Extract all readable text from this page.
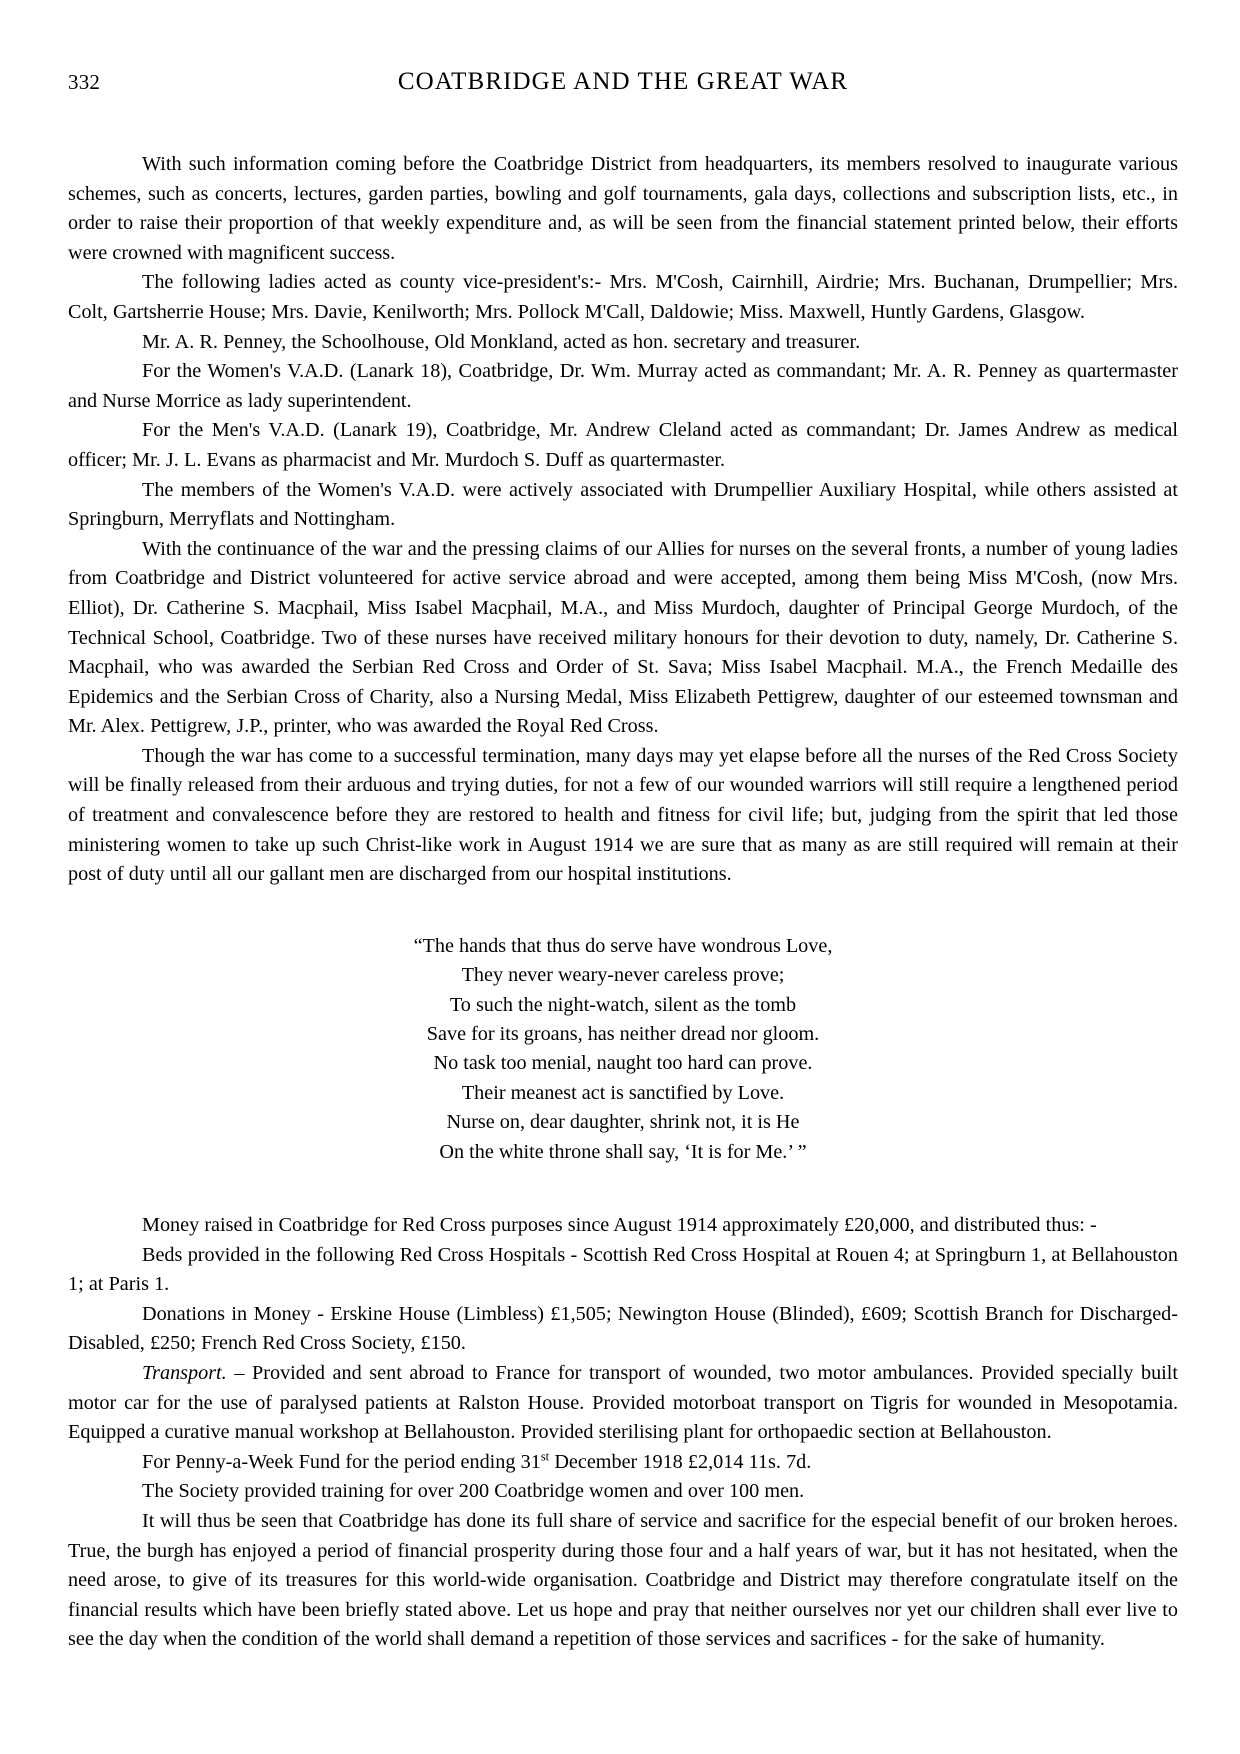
332	COATBRIDGE AND THE GREAT WAR

With such information coming before the Coatbridge District from headquarters, its members resolved to inaugurate various schemes, such as concerts, lectures, garden parties, bowling and golf tournaments, gala days, collections and subscription lists, etc., in order to raise their proportion of that weekly expenditure and, as will be seen from the financial statement printed below, their efforts were crowned with magnificent success.

The following ladies acted as county vice-president's:- Mrs. M'Cosh, Cairnhill, Airdrie; Mrs. Buchanan, Drumpellier; Mrs. Colt, Gartsherrie House; Mrs. Davie, Kenilworth; Mrs. Pollock M'Call, Daldowie; Miss. Maxwell, Huntly Gardens, Glasgow.

Mr. A. R. Penney, the Schoolhouse, Old Monkland, acted as hon. secretary and treasurer.

For the Women's V.A.D. (Lanark 18), Coatbridge, Dr. Wm. Murray acted as commandant; Mr. A. R. Penney as quartermaster and Nurse Morrice as lady superintendent.

For the Men's V.A.D. (Lanark 19), Coatbridge, Mr. Andrew Cleland acted as commandant; Dr. James Andrew as medical officer; Mr. J. L. Evans as pharmacist and Mr. Murdoch S. Duff as quartermaster.

The members of the Women's V.A.D. were actively associated with Drumpellier Auxiliary Hospital, while others assisted at Springburn, Merryflats and Nottingham.

With the continuance of the war and the pressing claims of our Allies for nurses on the several fronts, a number of young ladies from Coatbridge and District volunteered for active service abroad and were accepted, among them being Miss M'Cosh, (now Mrs. Elliot), Dr. Catherine S. Macphail, Miss Isabel Macphail, M.A., and Miss Murdoch, daughter of Principal George Murdoch, of the Technical School, Coatbridge. Two of these nurses have received military honours for their devotion to duty, namely, Dr. Catherine S. Macphail, who was awarded the Serbian Red Cross and Order of St. Sava; Miss Isabel Macphail. M.A., the French Medaille des Epidemics and the Serbian Cross of Charity, also a Nursing Medal, Miss Elizabeth Pettigrew, daughter of our esteemed townsman and Mr. Alex. Pettigrew, J.P., printer, who was awarded the Royal Red Cross.

Though the war has come to a successful termination, many days may yet elapse before all the nurses of the Red Cross Society will be finally released from their arduous and trying duties, for not a few of our wounded warriors will still require a lengthened period of treatment and convalescence before they are restored to health and fitness for civil life; but, judging from the spirit that led those ministering women to take up such Christ-like work in August 1914 we are sure that as many as are still required will remain at their post of duty until all our gallant men are discharged from our hospital institutions.

“The hands that thus do serve have wondrous Love,
They never weary-never careless prove;
To such the night-watch, silent as the tomb
Save for its groans, has neither dread nor gloom.
No task too menial, naught too hard can prove.
Their meanest act is sanctified by Love.
Nurse on, dear daughter, shrink not, it is He
On the white throne shall say, ‘It is for Me.’ ”

Money raised in Coatbridge for Red Cross purposes since August 1914 approximately £20,000, and distributed thus: -

Beds provided in the following Red Cross Hospitals - Scottish Red Cross Hospital at Rouen 4; at Springburn 1, at Bellahouston 1; at Paris 1.

Donations in Money - Erskine House (Limbless) £1,505; Newington House (Blinded), £609; Scottish Branch for Discharged-Disabled, £250; French Red Cross Society, £150.

Transport. – Provided and sent abroad to France for transport of wounded, two motor ambulances. Provided specially built motor car for the use of paralysed patients at Ralston House. Provided motorboat transport on Tigris for wounded in Mesopotamia. Equipped a curative manual workshop at Bellahouston. Provided sterilising plant for orthopaedic section at Bellahouston.

For Penny-a-Week Fund for the period ending 31st December 1918 £2,014 11s. 7d.

The Society provided training for over 200 Coatbridge women and over 100 men.

It will thus be seen that Coatbridge has done its full share of service and sacrifice for the especial benefit of our broken heroes. True, the burgh has enjoyed a period of financial prosperity during those four and a half years of war, but it has not hesitated, when the need arose, to give of its treasures for this world-wide organisation. Coatbridge and District may therefore congratulate itself on the financial results which have been briefly stated above. Let us hope and pray that neither ourselves nor yet our children shall ever live to see the day when the condition of the world shall demand a repetition of those services and sacrifices - for the sake of humanity.
